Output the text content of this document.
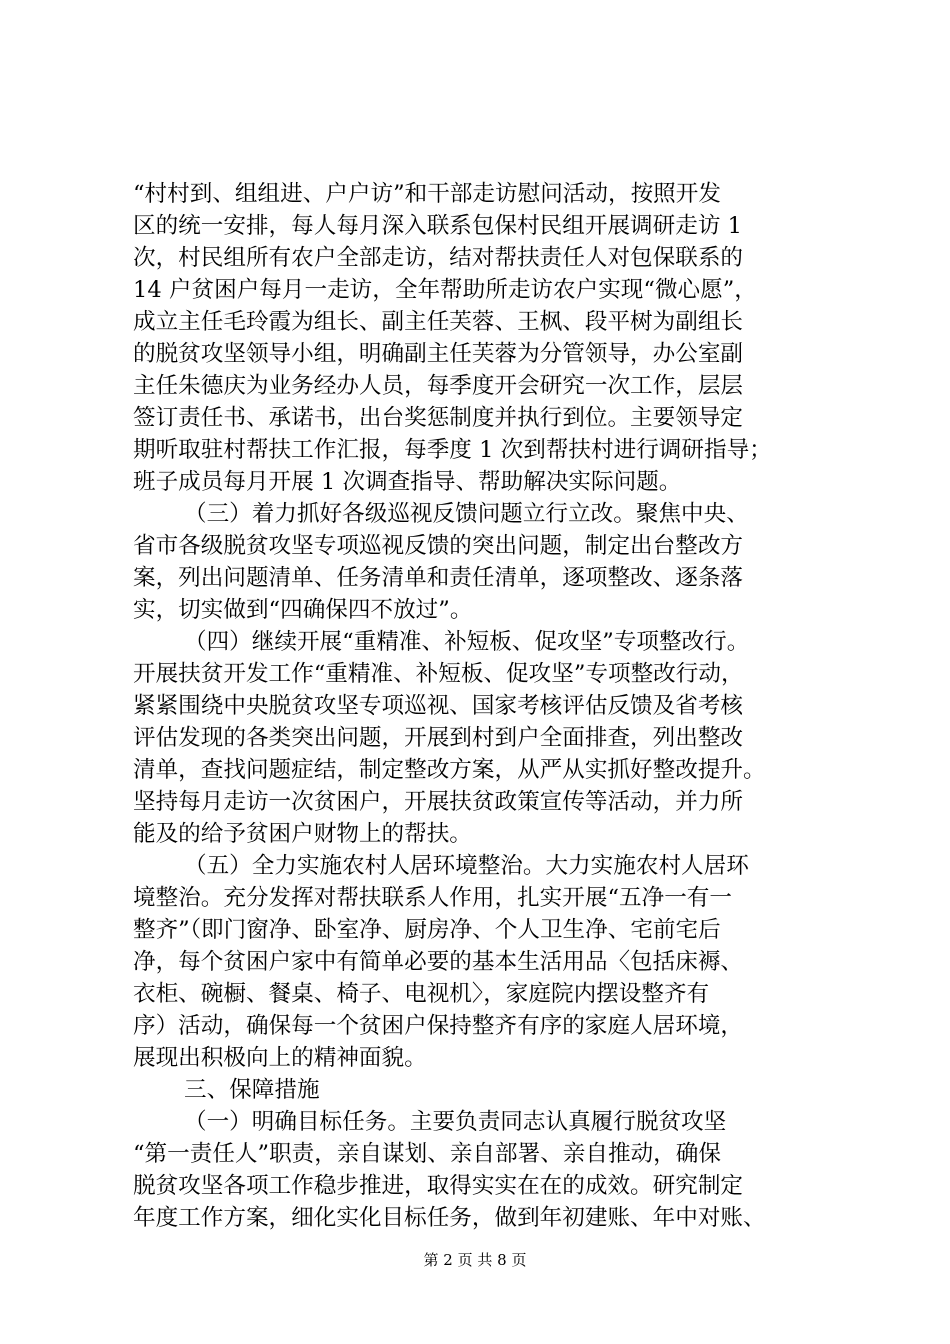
“村村到、组组进、户户访”和干部走访慰问活动，按照开发
区的统一安排，每人每月深入联系包保村民组开展调研走访 1
次，村民组所有农户全部走访，结对帮扶责任人对包保联系的
14 户贫困户每月一走访，全年帮助所走访农户实现“微心愿”，
成立主任毛玲霞为组长、副主任芙蓉、王枫、段平树为副组长
的脱贫攻坚领导小组，明确副主任芙蓉为分管领导，办公室副
主任朱德庆为业务经办人员，每季度开会研究一次工作，层层
签订责任书、承诺书，出台奖惩制度并执行到位。主要领导定
期听取驻村帮扶工作汇报，每季度 1 次到帮扶村进行调研指导；
班子成员每月开展 1 次调查指导、帮助解决实际问题。
（三）着力抓好各级巡视反馈问题立行立改。聚焦中央、
省市各级脱贫攻坚专项巡视反馈的突出问题，制定出台整改方
案，列出问题清单、任务清单和责任清单，逐项整改、逐条落
实，切实做到“四确保四不放过”。
（四）继续开展“重精准、补短板、促攻坚”专项整改行。
开展扶贫开发工作“重精准、补短板、促攻坚”专项整改行动，
紧紧围绕中央脱贫攻坚专项巡视、国家考核评估反馈及省考核
评估发现的各类突出问题，开展到村到户全面排查，列出整改
清单，查找问题症结，制定整改方案，从严从实抓好整改提升。
坚持每月走访一次贫困户，开展扶贫政策宣传等活动，并力所
能及的给予贫困户财物上的帮扶。
（五）全力实施农村人居环境整治。大力实施农村人居环
境整治。充分发挥对帮扶联系人作用，扎实开展“五净一有一
整齐”（即门窗净、卧室净、厨房净、个人卫生净、宅前宅后
净，每个贫困户家中有简单必要的基本生活用品〈包括床褥、
衣柜、碗橱、餐桌、椅子、电视机〉，家庭院内摆设整齐有
序）活动，确保每一个贫困户保持整齐有序的家庭人居环境，
展现出积极向上的精神面貌。
三、保障措施
（一）明确目标任务。主要负责同志认真履行脱贫攻坚
“第一责任人”职责，亲自谋划、亲自部署、亲自推动，确保
脱贫攻坚各项工作稳步推进，取得实实在在的成效。研究制定
年度工作方案，细化实化目标任务，做到年初建账、年中对账、
第 2 页 共 8 页
